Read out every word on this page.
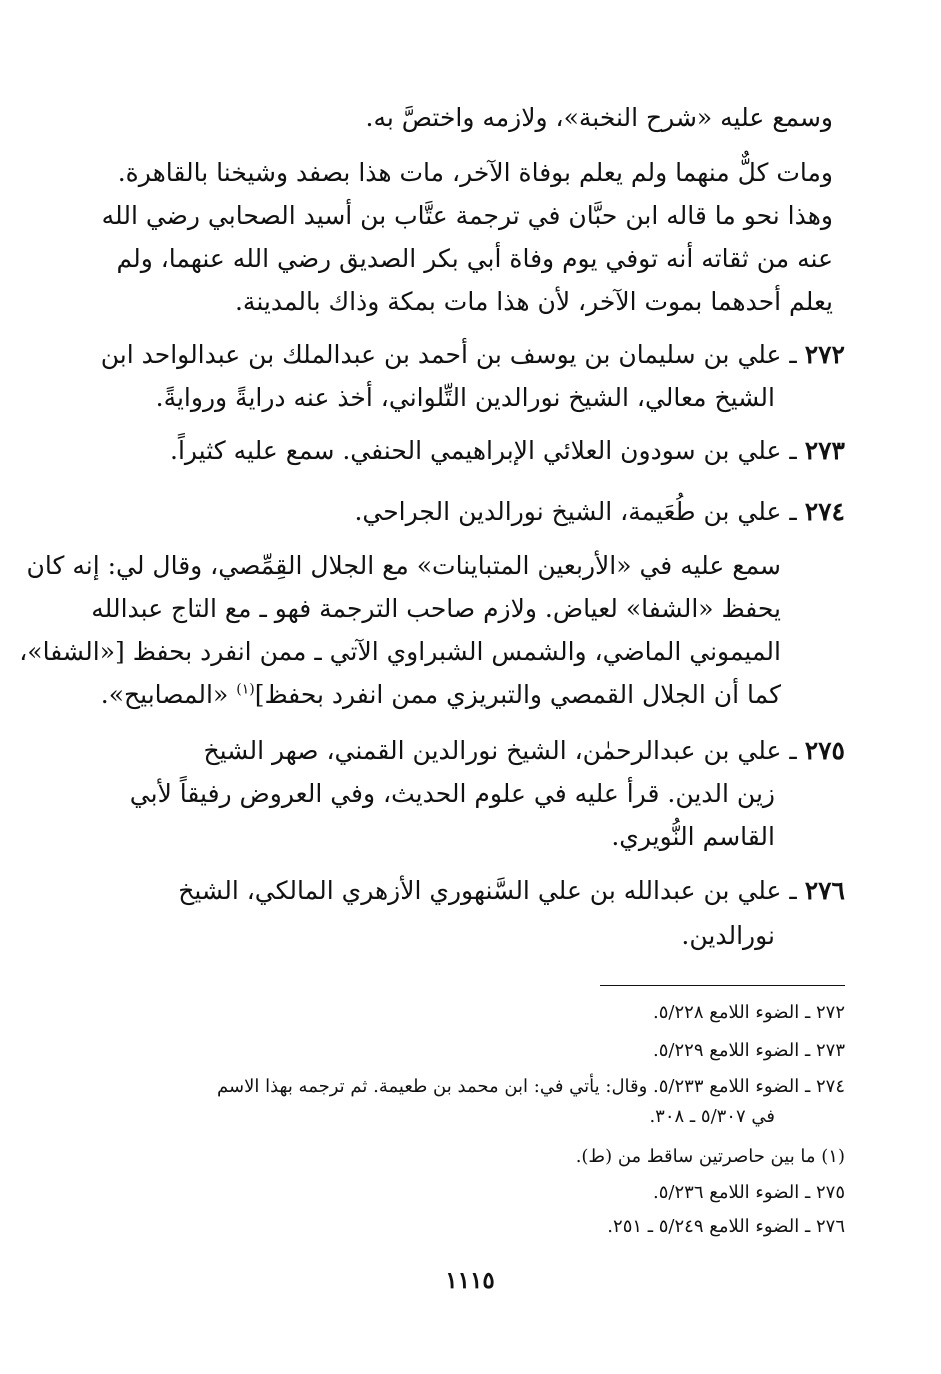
وسمع عليه «شرح النخبة»، ولازمه واختصَّ به.
ومات كلٌّ منهما ولم يعلم بوفاة الآخر، مات هذا بصفد وشيخنا بالقاهرة.
وهذا نحو ما قاله ابن حبَّان في ترجمة عتَّاب بن أسيد الصحابي رضي الله
عنه من ثقاته أنه توفي يوم وفاة أبي بكر الصديق رضي الله عنهما، ولم
يعلم أحدهما بموت الآخر، لأن هذا مات بمكة وذاك بالمدينة.
٢٧٢ ـ علي بن سليمان بن يوسف بن أحمد بن عبدالملك بن عبدالواحد ابن
الشيخ معالي، الشيخ نورالدين التِّلواني، أخذ عنه درايةً وروايةً.
٢٧٣ ـ علي بن سودون العلائي الإبراهيمي الحنفي. سمع عليه كثيراً.
٢٧٤ ـ علي بن طُعَيمة، الشيخ نورالدين الجراحي.
سمع عليه في «الأربعين المتباينات» مع الجلال القِمِّصي، وقال لي: إنه كان
يحفظ «الشفا» لعياض. ولازم صاحب الترجمة فهو ـ مع التاج عبدالله
الميموني الماضي، والشمس الشبراوي الآتي ـ ممن انفرد بحفظ [«الشفا»،
كما أن الجلال القمصي والتبريزي ممن انفرد بحفظ]$^{(١)}$ «المصابيح».
٢٧٥ ـ علي بن عبدالرحمٰن، الشيخ نورالدين القمني، صهر الشيخ
زين الدين. قرأ عليه في علوم الحديث، وفي العروض رفيقاً لأبي
القاسم النُّويري.
٢٧٦ ـ علي بن عبدالله بن علي السَّنهوري الأزهري المالكي، الشيخ
نورالدين.
٢٧٢ ـ الضوء اللامع ٥/٢٢٨.
٢٧٣ ـ الضوء اللامع ٥/٢٢٩.
٢٧٤ ـ الضوء اللامع ٥/٢٣٣. وقال: يأتي في: ابن محمد بن طعيمة. ثم ترجمه بهذا الاسم
في ٥/٣٠٧ ـ ٣٠٨.
(١) ما بين حاصرتين ساقط من (ط).
٢٧٥ ـ الضوء اللامع ٥/٢٣٦.
٢٧٦ ـ الضوء اللامع ٥/٢٤٩ ـ ٢٥١.
١١١٥
